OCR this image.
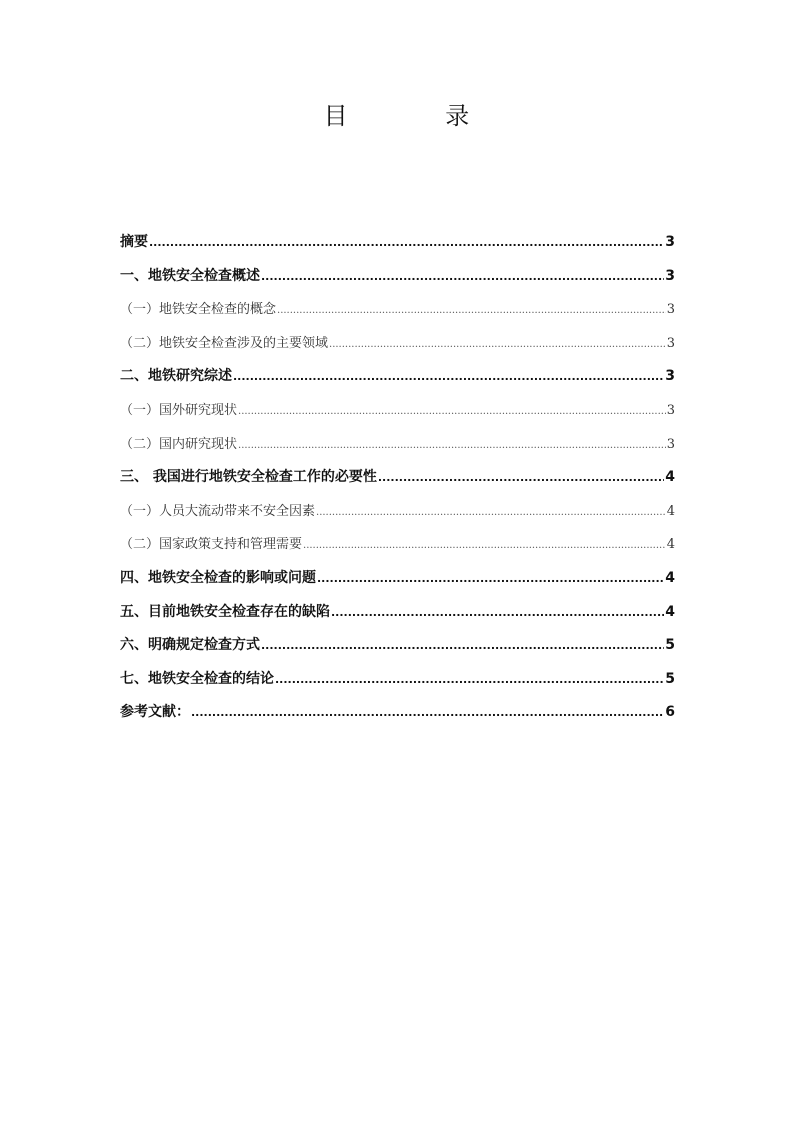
目 录
摘要 .....	3
一、地铁安全检查概述 .....	3
（一）地铁安全检查的概念 .....	3
（二）地铁安全检查涉及的主要领域 .....	3
二、地铁研究综述 .....	3
（一）国外研究现状 .....	3
（二）国内研究现状 .....	3
三、 我国进行地铁安全检查工作的必要性 .....	4
（一）人员大流动带来不安全因素 .....	4
（二）国家政策支持和管理需要 .....	4
四、地铁安全检查的影响或问题 .....	4
五、目前地铁安全检查存在的缺陷 .....	4
六、明确规定检查方式 .....	5
七、地铁安全检查的结论 .....	5
参考文献： .....	6
